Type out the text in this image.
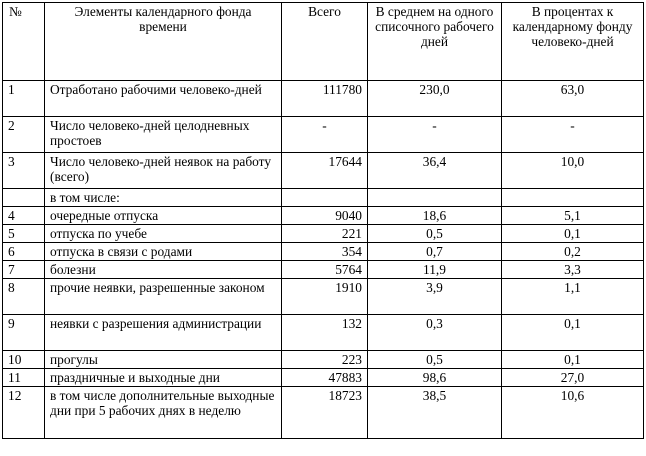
№	Элементы календарного фонда времени	Всего	В среднем на одного списочного рабочего дней	В процентах к календарному фонду человеко-дней
1	Отработано рабочими человеко-дней	111780	230,0	63,0
2	Число человеко-дней целодневных простоев	-	-	-
3	Число человеко-дней неявок на работу (всего)	17644	36,4	10,0
	в том числе:			
4	очередные отпуска	9040	18,6	5,1
5	отпуска по учебе	221	0,5	0,1
6	отпуска в связи с родами	354	0,7	0,2
7	болезни	5764	11,9	3,3
8	прочие неявки, разрешенные законом	1910	3,9	1,1
9	неявки с разрешения администрации	132	0,3	0,1
10	прогулы	223	0,5	0,1
11	праздничные и выходные дни	47883	98,6	27,0
12	в том числе дополнительные выходные дни при 5 рабочих днях в неделю	18723	38,5	10,6
